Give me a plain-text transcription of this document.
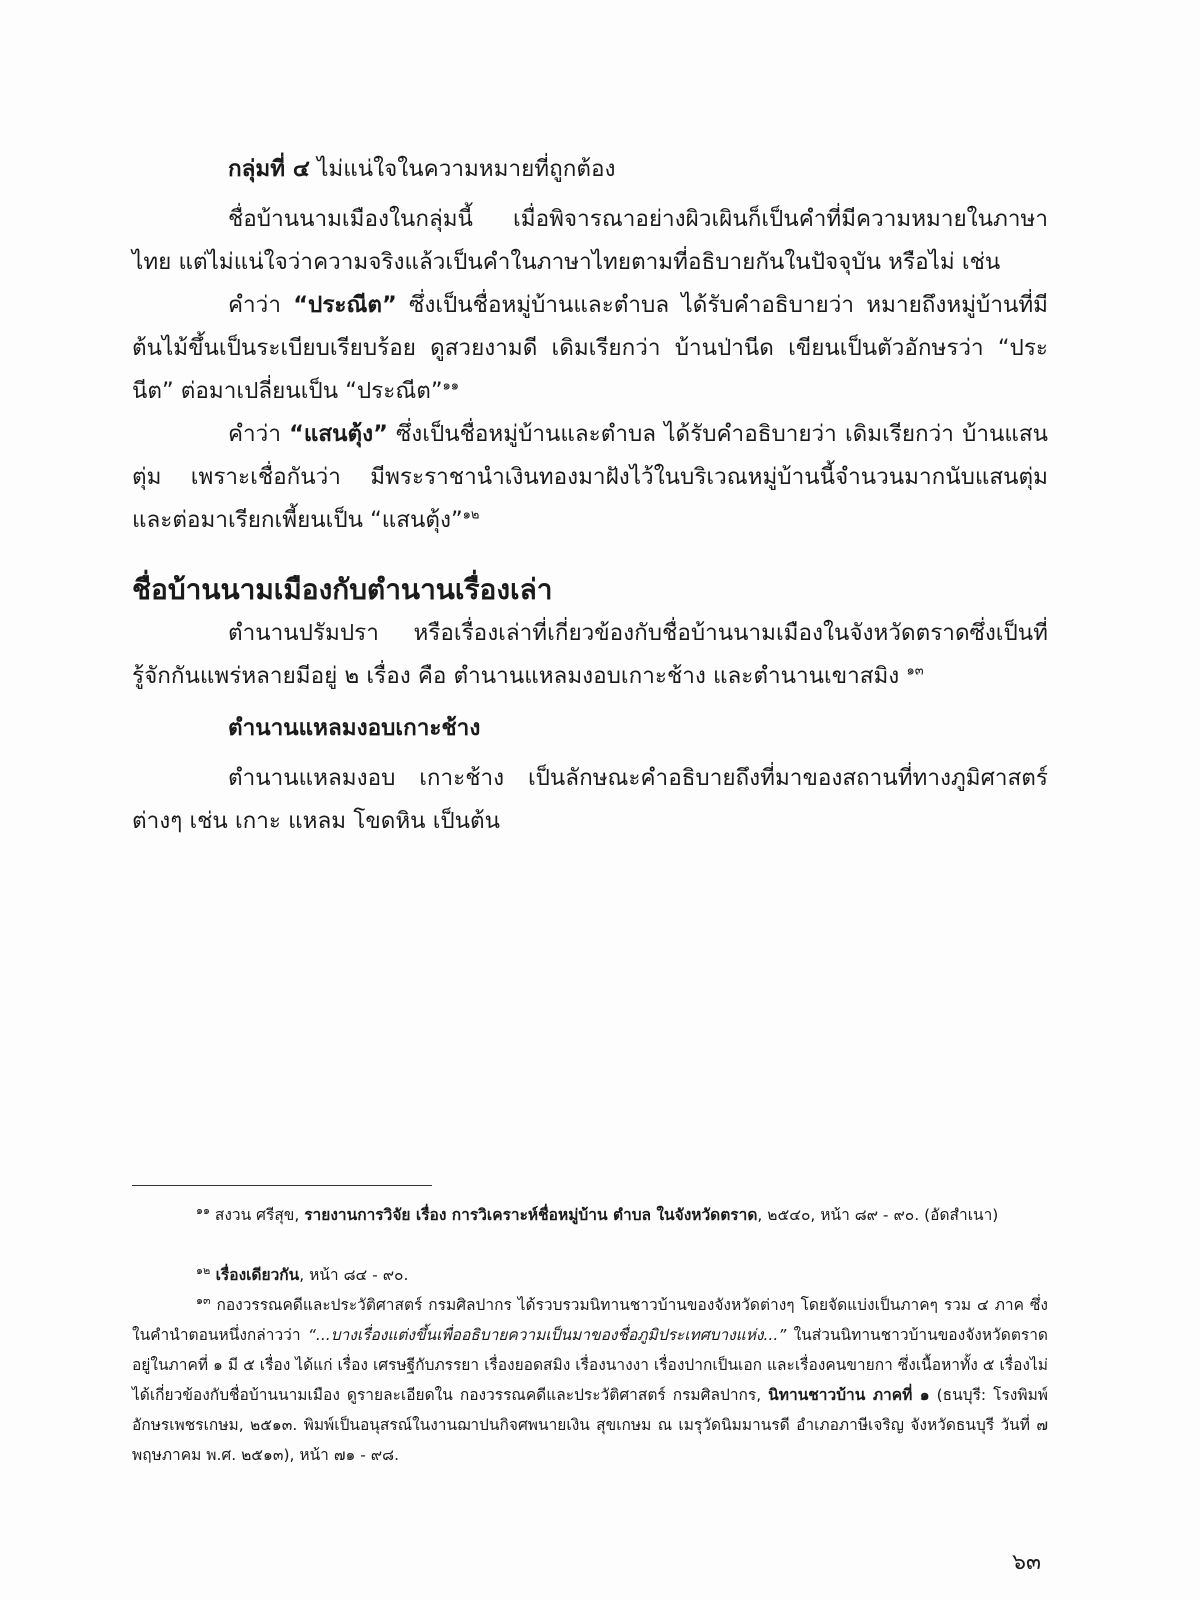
กลุ่มที่ ๔ ไม่แน่ใจในความหมายที่ถูกต้อง

ชื่อบ้านนามเมืองในกลุ่มนี้ เมื่อพิจารณาอย่างผิวเผินก็เป็นคำที่มีความหมายในภาษาไทย แต่ไม่แน่ใจว่าความจริงแล้วเป็นคำในภาษาไทยตามที่อธิบายกันในปัจจุบัน หรือไม่ เช่น

คำว่า “ประณีต” ซึ่งเป็นชื่อหมู่บ้านและตำบล ได้รับคำอธิบายว่า หมายถึงหมู่บ้านที่มีต้นไม้ขึ้นเป็นระเบียบเรียบร้อย ดูสวยงามดี เดิมเรียกว่า บ้านป่านีด เขียนเป็นตัวอักษรว่า “ประนีต” ต่อมาเปลี่ยนเป็น “ประณีต”$^{๑๑}$

คำว่า “แสนตุ้ง” ซึ่งเป็นชื่อหมู่บ้านและตำบล ได้รับคำอธิบายว่า เดิมเรียกว่า บ้านแสนตุ่ม เพราะเชื่อกันว่า มีพระราชานำเงินทองมาฝังไว้ในบริเวณหมู่บ้านนี้จำนวนมากนับแสนตุ่ม และต่อมาเรียกเพี้ยนเป็น “แสนตุ้ง”$^{๑๒}$

ชื่อบ้านนามเมืองกับตำนานเรื่องเล่า

ตำนานปรัมปรา หรือเรื่องเล่าที่เกี่ยวข้องกับชื่อบ้านนามเมืองในจังหวัดตราดซึ่งเป็นที่รู้จักกันแพร่หลายมีอยู่ ๒ เรื่อง คือ ตำนานแหลมงอบเกาะช้าง และตำนานเขาสมิง $^{๑๓}$

ตำนานแหลมงอบเกาะช้าง

ตำนานแหลมงอบ เกาะช้าง เป็นลักษณะคำอธิบายถึงที่มาของสถานที่ทางภูมิศาสตร์ต่างๆ เช่น เกาะ แหลม โขดหิน เป็นต้น

$^{๑๑}$ สงวน ศรีสุข, รายงานการวิจัย เรื่อง การวิเคราะห์ชื่อหมู่บ้าน ตำบล ในจังหวัดตราด, ๒๕๔๐, หน้า ๘๙ - ๙๐. (อัดสำเนา)

$^{๑๒}$ เรื่องเดียวกัน, หน้า ๘๔ - ๙๐.

$^{๑๓}$ กองวรรณคดีและประวัติศาสตร์ กรมศิลปากร ได้รวบรวมนิทานชาวบ้านของจังหวัดต่างๆ โดยจัดแบ่งเป็นภาคๆ รวม ๔ ภาค ซึ่งในคำนำตอนหนึ่งกล่าวว่า “...บางเรื่องแต่งขึ้นเพื่ออธิบายความเป็นมาของชื่อภูมิประเทศบางแห่ง...” ในส่วนนิทานชาวบ้านของจังหวัดตราดอยู่ในภาคที่ ๑ มี ๕ เรื่อง ได้แก่ เรื่อง เศรษฐีกับภรรยา เรื่องยอดสมิง เรื่องนางงา เรื่องปากเป็นเอก และเรื่องคนขายกา ซึ่งเนื้อหาทั้ง ๕ เรื่องไม่ได้เกี่ยวข้องกับชื่อบ้านนามเมือง ดูรายละเอียดใน กองวรรณคดีและประวัติศาสตร์ กรมศิลปากร, นิทานชาวบ้าน ภาคที่ ๑ (ธนบุรี: โรงพิมพ์อักษรเพชรเกษม, ๒๕๑๓. พิมพ์เป็นอนุสรณ์ในงานฌาปนกิจศพนายเงิน สุขเกษม ณ เมรุวัดนิมมานรดี อำเภอภาษีเจริญ จังหวัดธนบุรี วันที่ ๗ พฤษภาคม พ.ศ. ๒๕๑๓), หน้า ๗๑ - ๙๘.

๖๓
